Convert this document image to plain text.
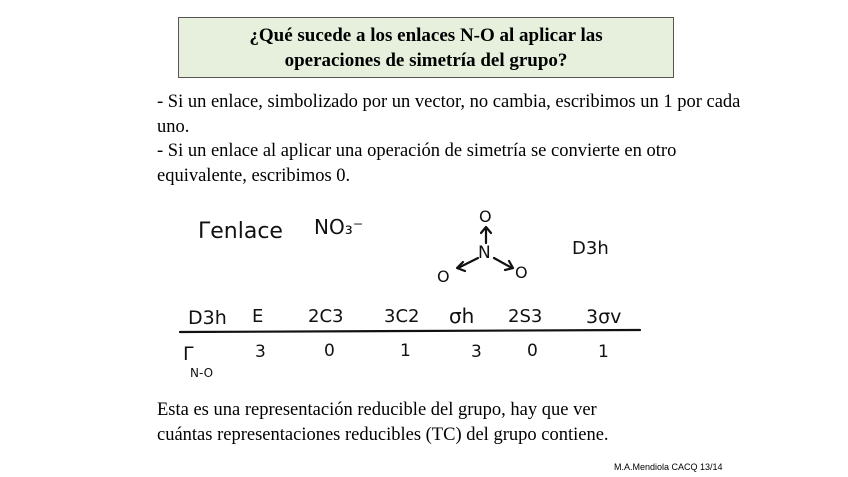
¿Qué sucede a los enlaces N-O al aplicar las
operaciones de simetría del grupo?

- Si un enlace, simbolizado por un vector, no cambia, escribimos un 1 por cada uno.

- Si un enlace al aplicar una operación de simetría se convierte en otro equivalente, escribimos 0.

Γenlace NO₃⁻	O
N
O	O
D3h
D3h E 2C3 3C2 σh 2S3 3σv
Γ
N-O
3	0	1	3	0	1

Esta es una representación reducible del grupo, hay que ver

cuántas representaciones reducibles (TC) del grupo contiene.

M.A.Mendiola CACQ 13/14
